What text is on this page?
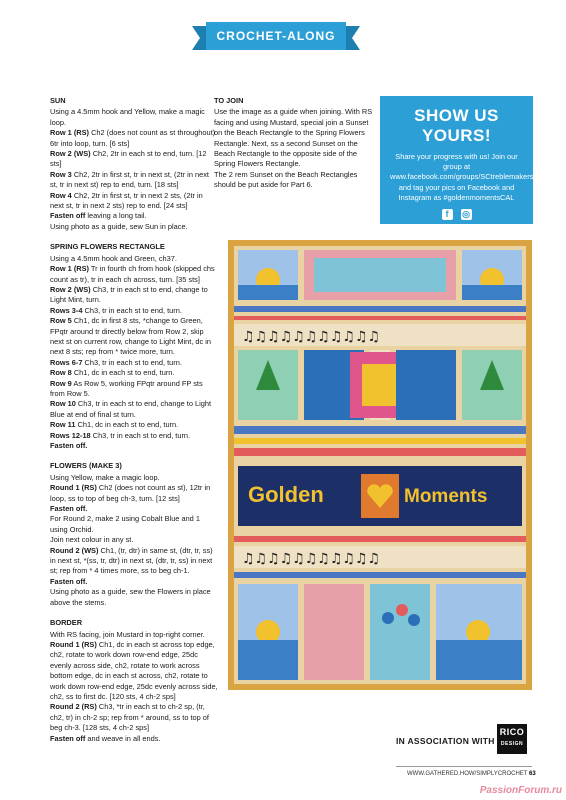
CROCHET-ALONG
SUN
Using a 4.5mm hook and Yellow, make a magic loop.
Row 1 (RS) Ch2 (does not count as st throughout) 6tr into loop, turn. [6 sts]
Row 2 (WS) Ch2, 2tr in each st to end, turn. [12 sts]
Row 3 Ch2, 2tr in first st, tr in next st, (2tr in next st, tr in next st) rep to end, turn. [18 sts]
Row 4 Ch2, 2tr in first st, tr in next 2 sts, (2tr in next st, tr in next 2 sts) rep to end. [24 sts]
Fasten off leaving a long tail.
Using photo as a guide, sew Sun in place.
SPRING FLOWERS RECTANGLE
Using a 4.5mm hook and Green, ch37.
Row 1 (RS) Tr in fourth ch from hook (skipped chs count as tr), tr in each ch across, turn. [35 sts]
Row 2 (WS) Ch3, tr in each st to end, change to Light Mint, turn.
Rows 3-4 Ch3, tr in each st to end, turn.
Row 5 Ch1, dc in first 8 sts, *change to Green, FPqtr around tr directly below from Row 2, skip next st on current row, change to Light Mint, dc in next 8 sts; rep from * twice more, turn.
Rows 6-7 Ch3, tr in each st to end, turn.
Row 8 Ch1, dc in each st to end, turn.
Row 9 As Row 5, working FPqtr around FP sts from Row 5.
Row 10 Ch3, tr in each st to end, change to Light Blue at end of final st turn.
Row 11 Ch1, dc in each st to end, turn.
Rows 12-18 Ch3, tr in each st to end, turn.
Fasten off.
FLOWERS (MAKE 3)
Using Yellow, make a magic loop.
Round 1 (RS) Ch2 (does not count as st), 12tr in loop, ss to top of beg ch-3, turn. [12 sts]
Fasten off.
For Round 2, make 2 using Cobalt Blue and 1 using Orchid.
Join next colour in any st.
Round 2 (WS) Ch1, (tr, dtr) in same st, (dtr, tr, ss) in next st, *(ss, tr, dtr) in next st, (dtr, tr, ss) in next st; rep from * 4 times more, ss to beg ch-1.
Fasten off.
Using photo as a guide, sew the Flowers in place above the stems.
BORDER
With RS facing, join Mustard in top-right corner.
Round 1 (RS) Ch1, dc in each st across top edge, ch2, rotate to work down row-end edge, 25dc evenly across side, ch2, rotate to work across bottom edge, dc in each st across, ch2, rotate to work down row-end edge, 25dc evenly across side, ch2, ss to first dc. [120 sts, 4 ch-2 sps]
Round 2 (RS) Ch3, *tr in each st to ch-2 sp, (tr, ch2, tr) in ch-2 sp; rep from * around, ss to top of beg ch-3. [128 sts, 4 ch-2 sps]
Fasten off and weave in all ends.
TO JOIN
Use the image as a guide when joining. With RS facing and using Mustard, special join a Sunset on the Beach Rectangle to the Spring Flowers Rectangle. Next, ss a second Sunset on the Beach Rectangle to the opposite side of the Spring Flowers Rectangle.
The 2 rem Sunset on the Beach Rectangles should be put aside for Part 6.
SHOW US YOURS!
Share your progress with us! Join our group at www.facebook.com/groups/SCtreblemakers and tag your pics on Facebook and Instagram as #goldenmomentsCAL
f	◎
♫♫♫♫♫♫♫♫♫♫♫
Golden	Moments
♫♫♫♫♫♫♫♫♫♫♫
IN ASSOCIATION WITH
RICO
DESIGN
WWW.GATHERED.HOW/SIMPLYCROCHET 63
PassionForum.ru
